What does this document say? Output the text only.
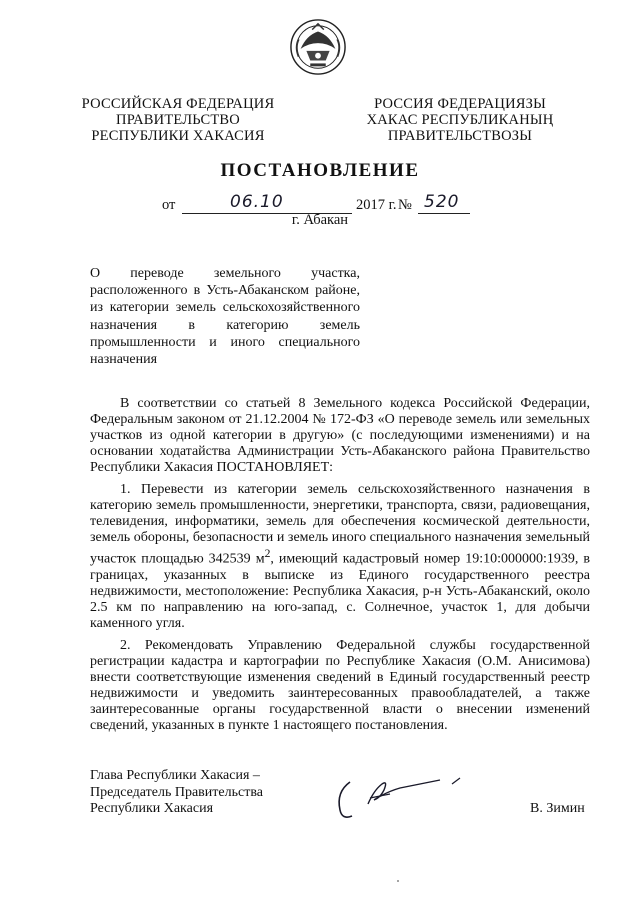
РОССИЙСКАЯ ФЕДЕРАЦИЯ
ПРАВИТЕЛЬСТВО
РЕСПУБЛИКИ ХАКАСИЯ
РОССИЯ ФЕДЕРАЦИЯЗЫ
ХАКАС РЕСПУБЛИКАНЫҢ
ПРАВИТЕЛЬСТВОЗЫ
ПОСТАНОВЛЕНИЕ
от	06.10	2017 г. № 520
г. Абакан
О переводе земельного участка,
расположенного в Усть-Абаканском районе,
из категории земель сельскохозяйственного
назначения в категорию земель
промышленности и иного специального
назначения

В соответствии со статьей 8 Земельного кодекса Российской Федерации, Федеральным законом от 21.12.2004 № 172-ФЗ «О переводе земель или земельных участков из одной категории в другую» (с последующими изменениями) и на основании ходатайства Администрации Усть-Абаканского района Правительство Республики Хакасия ПОСТАНОВЛЯЕТ:

1. Перевести из категории земель сельскохозяйственного назначения в категорию земель промышленности, энергетики, транспорта, связи, радиовещания, телевидения, информатики, земель для обеспечения космической деятельности, земель обороны, безопасности и земель иного специального назначения земельный участок площадью 342539 $м^2$, имеющий кадастровый номер 19:10:000000:1939, в границах, указанных в выписке из Единого государственного реестра недвижимости, местоположение: Республика Хакасия, р-н Усть-Абаканский, около 2.5 км по направлению на юго-запад, с. Солнечное, участок 1, для добычи каменного угля.

2. Рекомендовать Управлению Федеральной службы государственной регистрации кадастра и картографии по Республике Хакасия (О.М. Анисимова) внести соответствующие изменения сведений в Единый государственный реестр недвижимости и уведомить заинтересованных правообладателей, а также заинтересованные органы государственной власти о внесении изменений сведений, указанных в пункте 1 настоящего постановления.

Глава Республики Хакасия –
Председатель Правительства
Республики Хакасия	В. Зимин
